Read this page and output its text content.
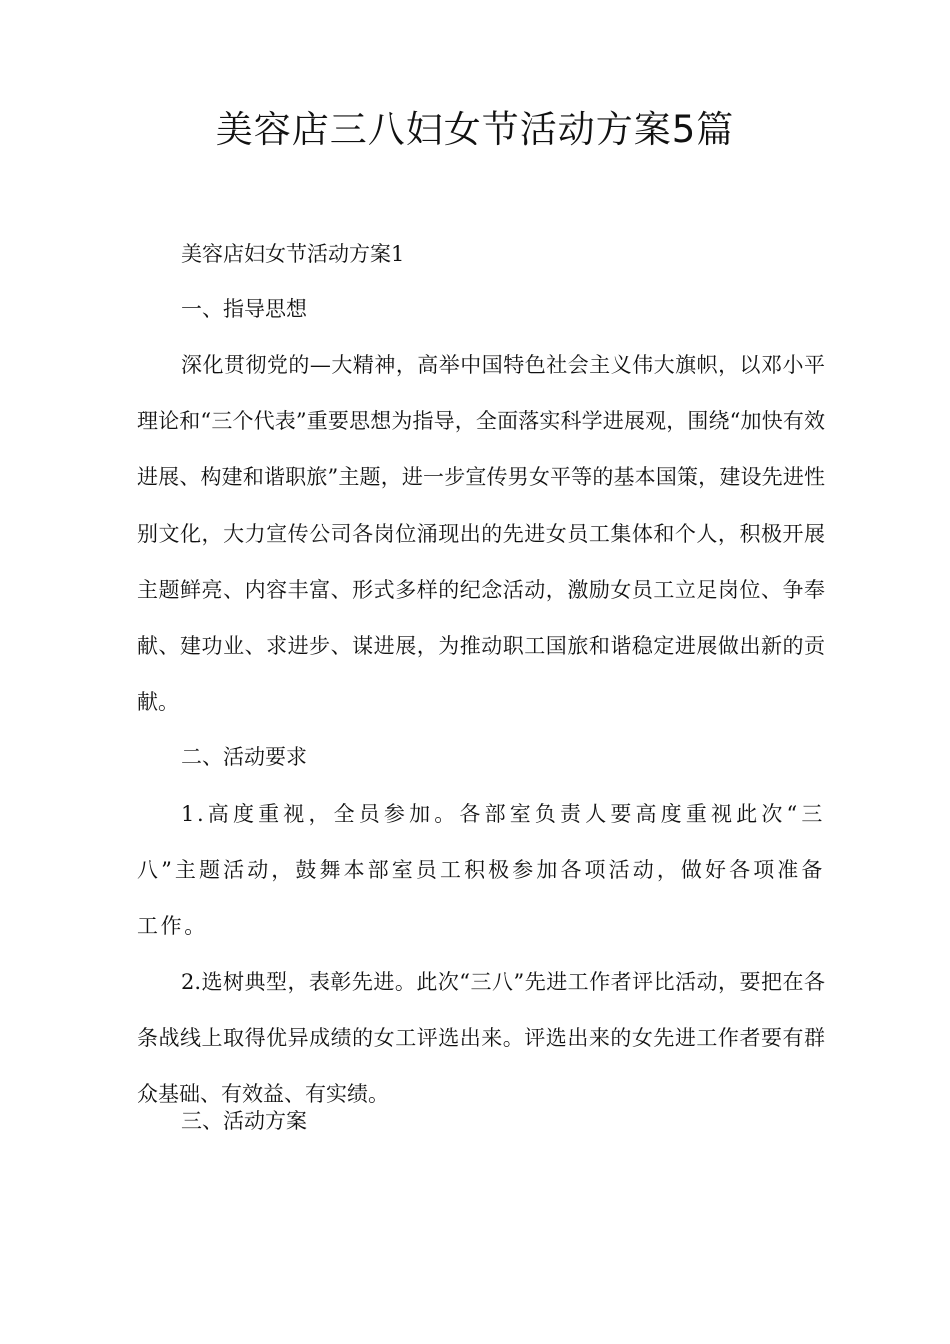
美容店三八妇女节活动方案5篇

美容店妇女节活动方案1

一、指导思想

深化贯彻党的—大精神，高举中国特色社会主义伟大旗帜，以邓小平理论和“三个代表”重要思想为指导，全面落实科学进展观，围绕“加快有效进展、构建和谐职旅”主题，进一步宣传男女平等的基本国策，建设先进性别文化，大力宣传公司各岗位涌现出的先进女员工集体和个人，积极开展主题鲜亮、内容丰富、形式多样的纪念活动，激励女员工立足岗位、争奉献、建功业、求进步、谋进展，为推动职工国旅和谐稳定进展做出新的贡献。

二、活动要求

1.高度重视，全员参加。各部室负责人要高度重视此次“三八”主题活动，鼓舞本部室员工积极参加各项活动，做好各项准备工作。

2.选树典型，表彰先进。此次“三八”先进工作者评比活动，要把在各条战线上取得优异成绩的女工评选出来。评选出来的女先进工作者要有群众基础、有效益、有实绩。

三、活动方案
